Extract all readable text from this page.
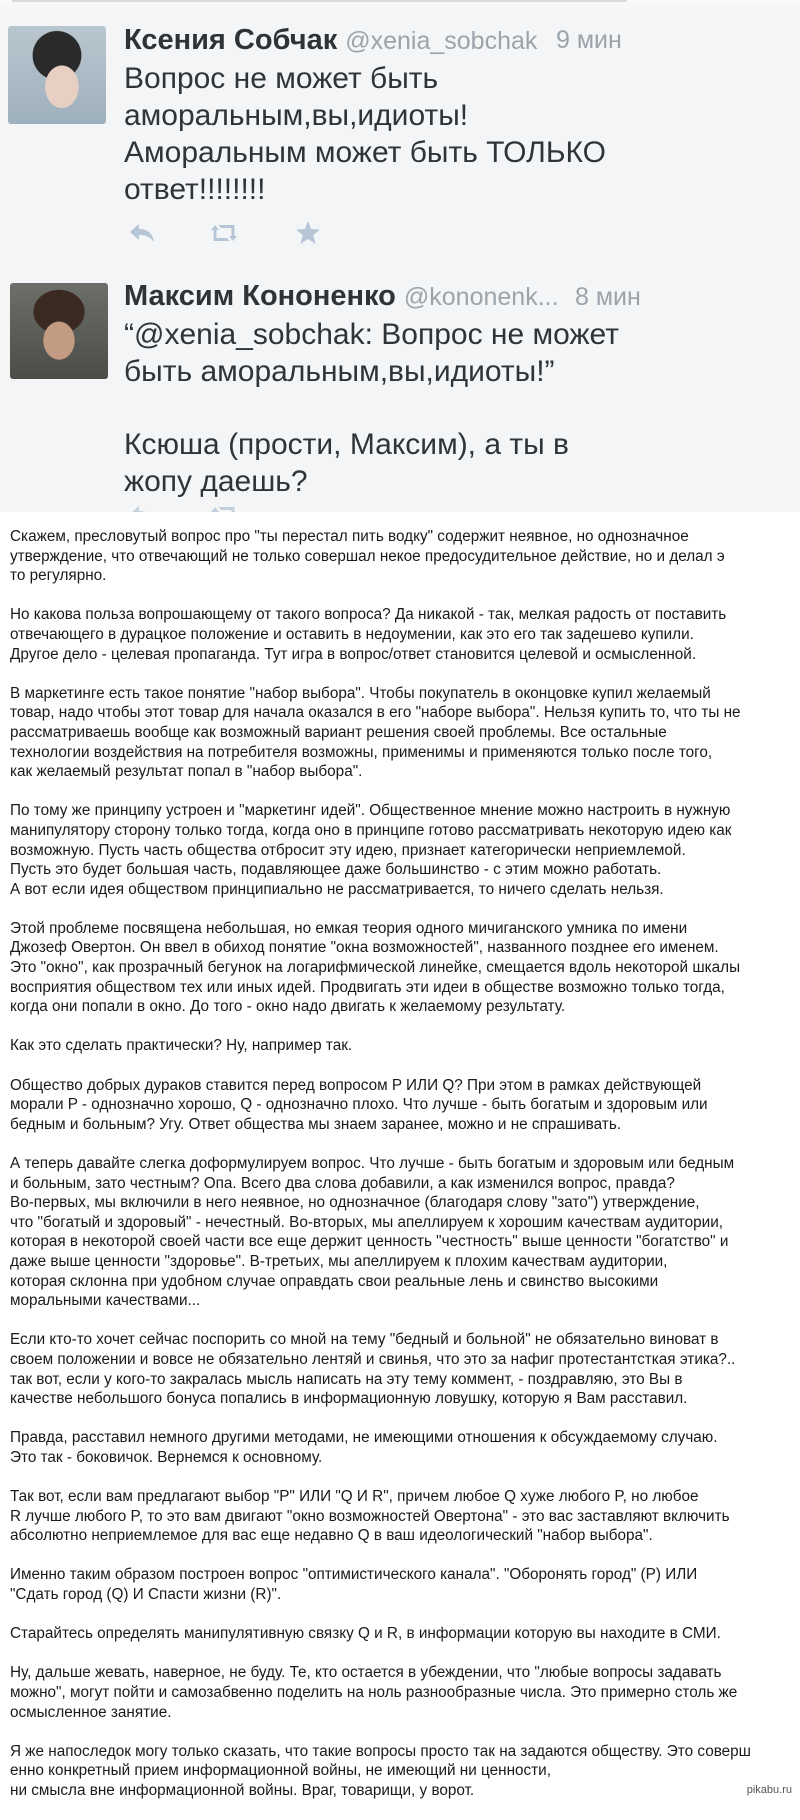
Ксения Собчак @xenia_sobchak 9 мин

Вопрос не может быть

аморальным,вы,идиоты!

Аморальным может быть ТОЛЬКО

ответ!!!!!!!!

Максим Кононенко @kononenk... 8 мин

“@xenia_sobchak: Вопрос не может

быть аморальным,вы,идиоты!”

Ксюша (прости, Максим), а ты в

жопу даешь?

Скажем, пресловутый вопрос про "ты перестал пить водку" содержит неявное, но однозначное
утверждение, что отвечающий не только совершал некое предосудительное действие, но и делал э
то регулярно.

Но какова польза вопрошающему от такого вопроса? Да никакой - так, мелкая радость от поставить
отвечающего в дурацкое положение и оставить в недоумении, как это его так задешево купили.
Другое дело - целевая пропаганда. Тут игра в вопрос/ответ становится целевой и осмысленной.

В маркетинге есть такое понятие "набор выбора". Чтобы покупатель в оконцовке купил желаемый
товар, надо чтобы этот товар для начала оказался в его "наборе выбора". Нельзя купить то, что ты не
рассматриваешь вообще как возможный вариант решения своей проблемы. Все остальные
технологии воздействия на потребителя возможны, применимы и применяются только после того,
как желаемый результат попал в "набор выбора".

По тому же принципу устроен и "маркетинг идей". Общественное мнение можно настроить в нужную
манипулятору сторону только тогда, когда оно в принципе готово рассматривать некоторую идею как
возможную. Пусть часть общества отбросит эту идею, признает категорически неприемлемой.
Пусть это будет большая часть, подавляющее даже большинство - с этим можно работать.
А вот если идея обществом принципиально не рассматривается, то ничего сделать нельзя.

Этой проблеме посвящена небольшая, но емкая теория одного мичиганского умника по имени
Джозеф Овертон. Он ввел в обиход понятие "окна возможностей", названного позднее его именем.
Это "окно", как прозрачный бегунок на логарифмической линейке, смещается вдоль некоторой шкалы
восприятия обществом тех или иных идей. Продвигать эти идеи в обществе возможно только тогда,
когда они попали в окно. До того - окно надо двигать к желаемому результату.

Как это сделать практически? Ну, например так.

Общество добрых дураков ставится перед вопросом P ИЛИ Q? При этом в рамках действующей
морали P - однозначно хорошо, Q - однозначно плохо. Что лучше - быть богатым и здоровым или
бедным и больным? Угу. Ответ общества мы знаем заранее, можно и не спрашивать.

А теперь давайте слегка доформулируем вопрос. Что лучше - быть богатым и здоровым или бедным
и больным, зато честным? Опа. Всего два слова добавили, а как изменился вопрос, правда?
Во-первых, мы включили в него неявное, но однозначное (благодаря слову "зато") утверждение,
что "богатый и здоровый" - нечестный. Во-вторых, мы апеллируем к хорошим качествам аудитории,
которая в некоторой своей части все еще держит ценность "честность" выше ценности "богатство" и
даже выше ценности "здоровье". В-третьих, мы апеллируем к плохим качествам аудитории,
которая склонна при удобном случае оправдать свои реальные лень и свинство высокими
моральными качествами...

Если кто-то хочет сейчас поспорить со мной на тему "бедный и больной" не обязательно виноват в
своем положении и вовсе не обязательно лентяй и свинья, что это за нафиг протестантсткая этика?..
так вот, если у кого-то закралась мысль написать на эту тему коммент, - поздравляю, это Вы в
качестве небольшого бонуса попались в информационную ловушку, которую я Вам расставил.

Правда, расставил немного другими методами, не имеющими отношения к обсуждаемому случаю.
Это так - боковичок. Вернемся к основному.

Так вот, если вам предлагают выбор "P" ИЛИ "Q И R", причем любое Q хуже любого P, но любое
R лучше любого P, то это вам двигают "окно возможностей Овертона" - это вас заставляют включить
абсолютно неприемлемое для вас еще недавно Q в ваш идеологический "набор выбора".

Именно таким образом построен вопрос "оптимистического канала". "Оборонять город" (P) ИЛИ
"Сдать город (Q) И Спасти жизни (R)".

Старайтесь определять манипулятивную связку Q и R, в информации которую вы находите в СМИ.

Ну, дальше жевать, наверное, не буду. Те, кто остается в убеждении, что "любые вопросы задавать
можно", могут пойти и самозабвенно поделить на ноль разнообразные числа. Это примерно столь же
осмысленное занятие.

Я же напоследок могу только сказать, что такие вопросы просто так на задаются обществу. Это соверш
енно конкретный прием информационной войны, не имеющий ни ценности,
ни смысла вне информационной войны. Враг, товарищи, у ворот.	pikabu.ru
